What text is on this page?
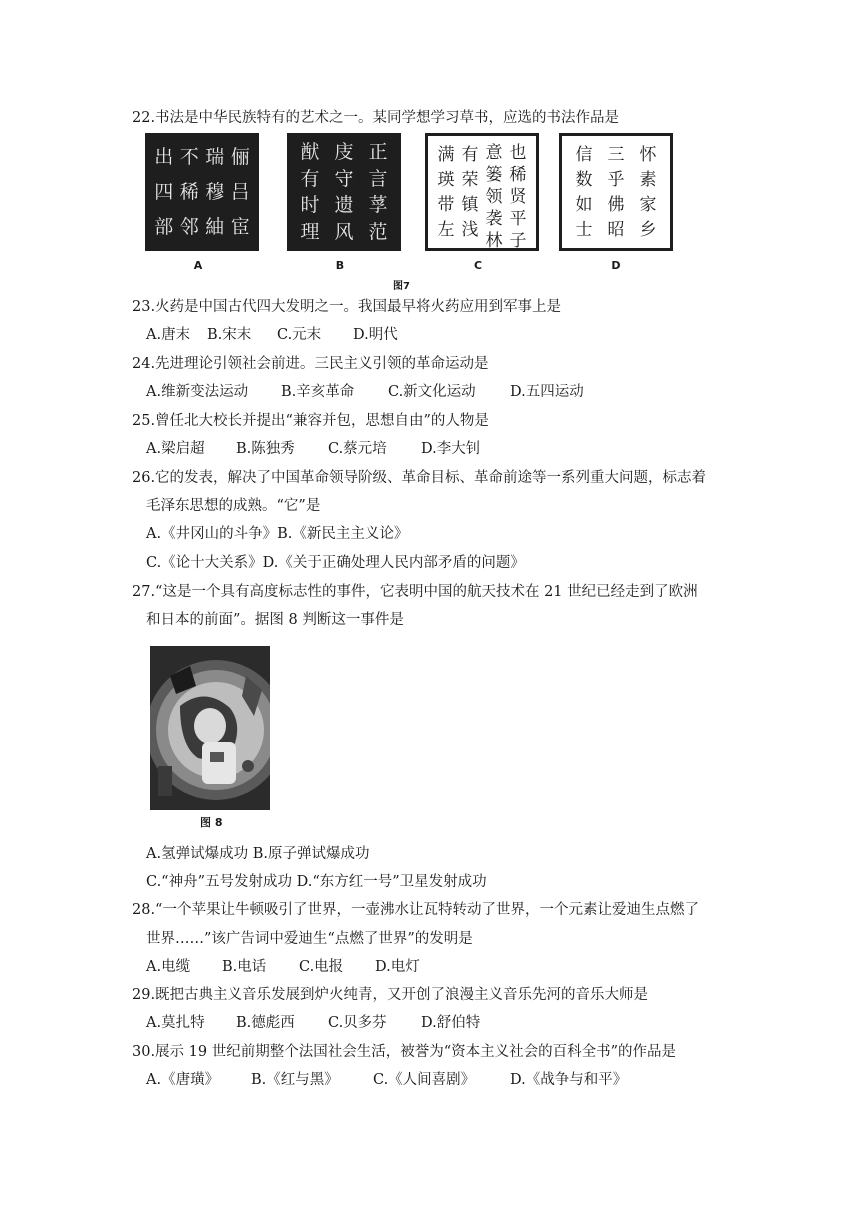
22.书法是中华民族特有的艺术之一。某同学想学习草书，应选的书法作品是
俪
吕
宦
瑞
穆
紬
不
稀
邻
出
四
部
正
言
莩
范
庋
守
遗
风
猷
有
时
理
也
稀
贤
平
子
意
篓
领
袭
林
有
荣
镇
浅
满
瑛
带
左
怀
素
家
乡
三
乎
佛
昭
信
数
如
士
A	B	C	D
图7
23.火药是中国古代四大发明之一。我国最早将火药应用到军事上是
A.唐末	B.宋末	C.元末	D.明代
24.先进理论引领社会前进。三民主义引领的革命运动是
A.维新变法运动	B.辛亥革命	C.新文化运动	D.五四运动
25.曾任北大校长并提出“兼容并包，思想自由”的人物是
A.梁启超	B.陈独秀	C.蔡元培	D.李大钊
26.它的发表，解决了中国革命领导阶级、革命目标、革命前途等一系列重大问题，标志着
毛泽东思想的成熟。“它”是
A.《井冈山的斗争》B.《新民主主义论》
C.《论十大关系》D.《关于正确处理人民内部矛盾的问题》
27.“这是一个具有高度标志性的事件，它表明中国的航天技术在 21 世纪已经走到了欧洲
和日本的前面”。据图 8 判断这一事件是
图 8
A.氢弹试爆成功 B.原子弹试爆成功
C.“神舟”五号发射成功 D.“东方红一号”卫星发射成功
28.“一个苹果让牛顿吸引了世界，一壶沸水让瓦特转动了世界，一个元素让爱迪生点燃了
世界……”该广告词中爱迪生“点燃了世界”的发明是
A.电缆	B.电话	C.电报	D.电灯
29.既把古典主义音乐发展到炉火纯青，又开创了浪漫主义音乐先河的音乐大师是
A.莫扎特	B.德彪西	C.贝多芬	D.舒伯特
30.展示 19 世纪前期整个法国社会生活，被誉为“资本主义社会的百科全书”的作品是
A.《唐璜》	B.《红与黑》	C.《人间喜剧》	D.《战争与和平》
